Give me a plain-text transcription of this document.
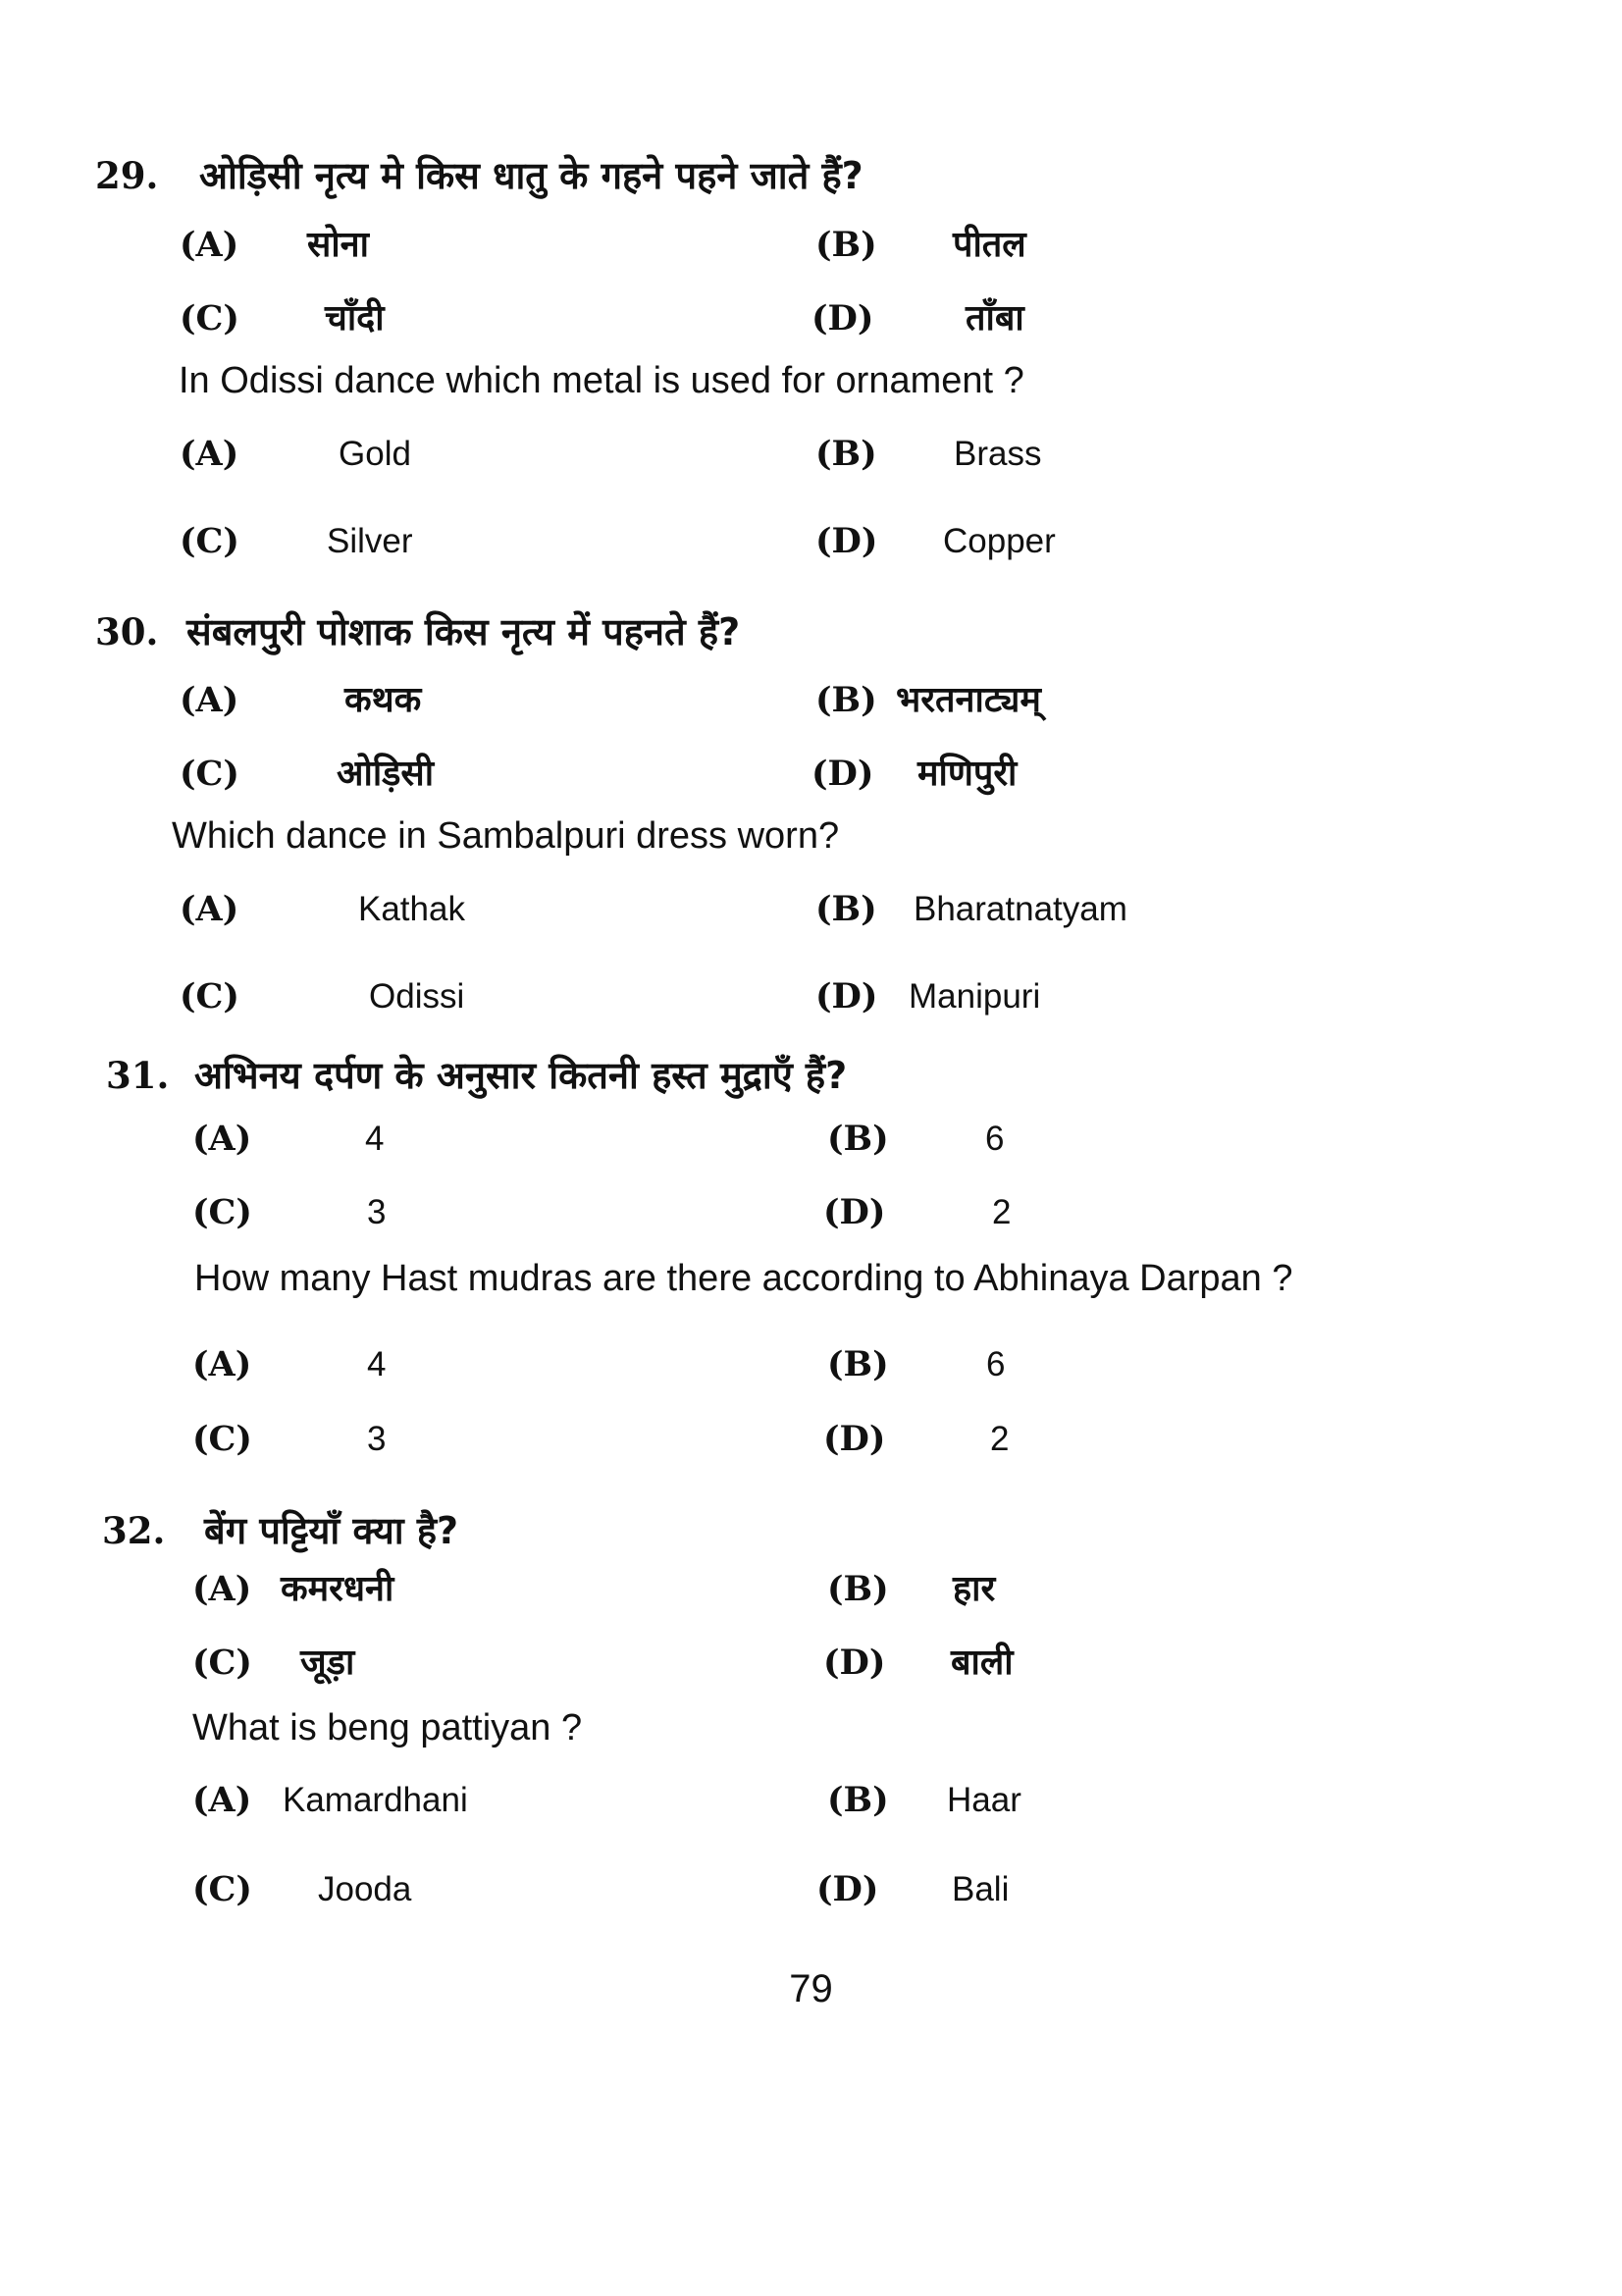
29.	ओड़िसी नृत्य मे किस धातु के गहने पहने जाते हैं?
(A)	सोना	(B)	पीतल
(C)	चाँदी	(D)	ताँबा
In Odissi dance which metal is used for ornament ?
(A)	Gold	(B)	Brass
(C)	Silver	(D)	Copper
30. संबलपुरी पोशाक किस नृत्य में पहनते हैं?
(A)	कथक	(B) भरतनाट्यम्
(C)	ओड़िसी	(D)	मणिपुरी
Which dance in Sambalpuri dress worn?
(A)	Kathak	(B)	Bharatnatyam
(C)	Odissi	(D) Manipuri
31. अभिनय दर्पण के अनुसार कितनी हस्त मुद्राएँ हैं?
(A)	4	(B)	6
(C)	3	(D)	2
How many Hast mudras are there according to Abhinaya Darpan ?
(A)	4	(B)	6
(C)	3	(D)	2
32.	बेंग पट्टियाँ क्या है?
(A) कमरधनी	(B)	हार
(C)	जूड़ा	(D)	बाली
What is beng pattiyan ?
(A) Kamardhani	(B)	Haar
(C)	Jooda	(D)	Bali
79
